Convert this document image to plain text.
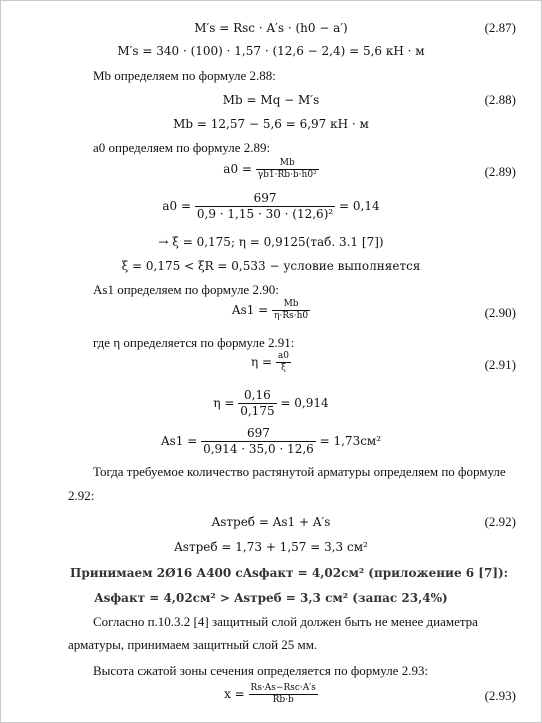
M′s = Rsc · A′s · (h0 − a′)	(2.87)
M′s = 340 · (100) · 1,57 · (12,6 − 2,4) = 5,6 кН · м
Mb определяем по формуле 2.88:
Mb = Mq − M′s	(2.88)
Mb = 12,57 − 5,6 = 6,97 кН · м
a0 определяем по формуле 2.89:
$a0 = \frac{Mb}{\text{γb1·Rb·b·h0²}}$	(2.89)
$a0 = \frac{697}{\text{0,9 · 1,15 · 30 · (12,6)²}} = 0,14$
→ ξ = 0,175; η = 0,9125(таб. 3.1 [7])
ξ = 0,175 < ξR = 0,533 − условие выполняется
As1 определяем по формуле 2.90:
$As1 = \frac{Mb}{\eta\cdot Rs\cdot h0}$	(2.90)
где η определяется по формуле 2.91:
$\eta = \frac{a0}{\xi}$	(2.91)
$\eta = \frac{0,16}{0,175} = 0,914$
$As1 = \frac{697}{0,914 \cdot 35,0 \cdot 12,6} = 1,73см^2$
Тогда требуемое количество растянутой арматуры определяем по формуле
2.92:
Asтреб = As1 + A′s	(2.92)
Asтреб = 1,73 + 1,57 = 3,3 см²
Принимаем 2Ø16 А400 сAsфакт = 4,02см² (приложение 6 [7]):
Asфакт = 4,02см² > Asтреб = 3,3 см² (запас 23,4%)
Согласно п.10.3.2 [4] защитный слой должен быть не менее диаметра
арматуры, принимаем защитный слой 25 мм.
Высота сжатой зоны сечения определяется по формуле 2.93:
$x = \frac{\text{Rs·As−Rsc·A′s}}{Rb\cdot b}$	(2.93)
